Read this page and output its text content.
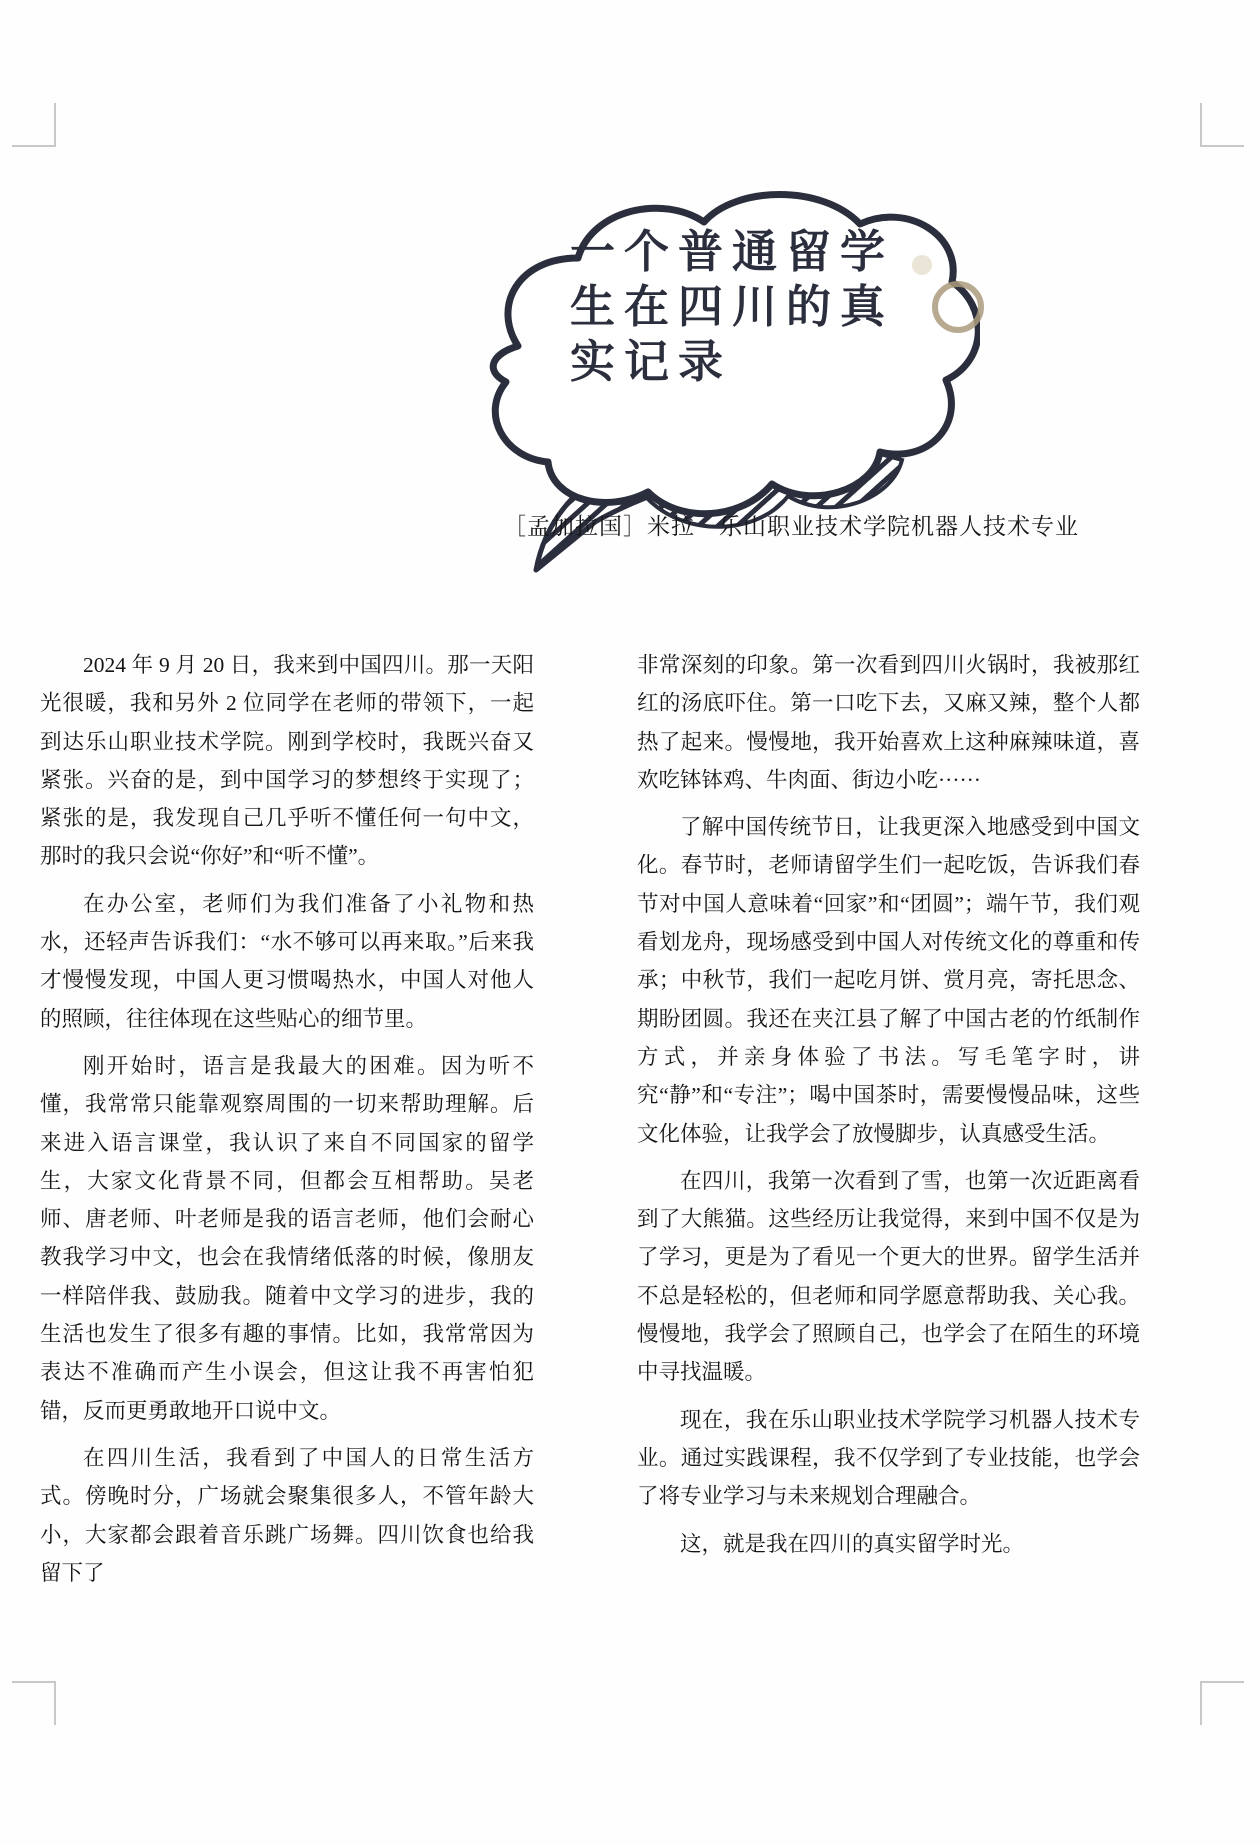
一个普通留学
生在四川的真
实记录
［孟加拉国］米拉　乐山职业技术学院机器人技术专业

2024 年 9 月 20 日，我来到中国四川。那一天阳光很暖，我和另外 2 位同学在老师的带领下，一起到达乐山职业技术学院。刚到学校时，我既兴奋又紧张。兴奋的是，到中国学习的梦想终于实现了；紧张的是，我发现自己几乎听不懂任何一句中文，那时的我只会说“你好”和“听不懂”。

在办公室，老师们为我们准备了小礼物和热水，还轻声告诉我们：“水不够可以再来取。”后来我才慢慢发现，中国人更习惯喝热水，中国人对他人的照顾，往往体现在这些贴心的细节里。

刚开始时，语言是我最大的困难。因为听不懂，我常常只能靠观察周围的一切来帮助理解。后来进入语言课堂，我认识了来自不同国家的留学生，大家文化背景不同，但都会互相帮助。吴老师、唐老师、叶老师是我的语言老师，他们会耐心教我学习中文，也会在我情绪低落的时候，像朋友一样陪伴我、鼓励我。随着中文学习的进步，我的生活也发生了很多有趣的事情。比如，我常常因为表达不准确而产生小误会，但这让我不再害怕犯错，反而更勇敢地开口说中文。

在四川生活，我看到了中国人的日常生活方式。傍晚时分，广场就会聚集很多人，不管年龄大小，大家都会跟着音乐跳广场舞。四川饮食也给我留下了

非常深刻的印象。第一次看到四川火锅时，我被那红红的汤底吓住。第一口吃下去，又麻又辣，整个人都热了起来。慢慢地，我开始喜欢上这种麻辣味道，喜欢吃钵钵鸡、牛肉面、街边小吃······

了解中国传统节日，让我更深入地感受到中国文化。春节时，老师请留学生们一起吃饭，告诉我们春节对中国人意味着“回家”和“团圆”；端午节，我们观看划龙舟，现场感受到中国人对传统文化的尊重和传承；中秋节，我们一起吃月饼、赏月亮，寄托思念、期盼团圆。我还在夹江县了解了中国古老的竹纸制作方式，并亲身体验了书法。写毛笔字时，讲究“静”和“专注”；喝中国茶时，需要慢慢品味，这些文化体验，让我学会了放慢脚步，认真感受生活。

在四川，我第一次看到了雪，也第一次近距离看到了大熊猫。这些经历让我觉得，来到中国不仅是为了学习，更是为了看见一个更大的世界。留学生活并不总是轻松的，但老师和同学愿意帮助我、关心我。慢慢地，我学会了照顾自己，也学会了在陌生的环境中寻找温暖。

现在，我在乐山职业技术学院学习机器人技术专业。通过实践课程，我不仅学到了专业技能，也学会了将专业学习与未来规划合理融合。

这，就是我在四川的真实留学时光。
